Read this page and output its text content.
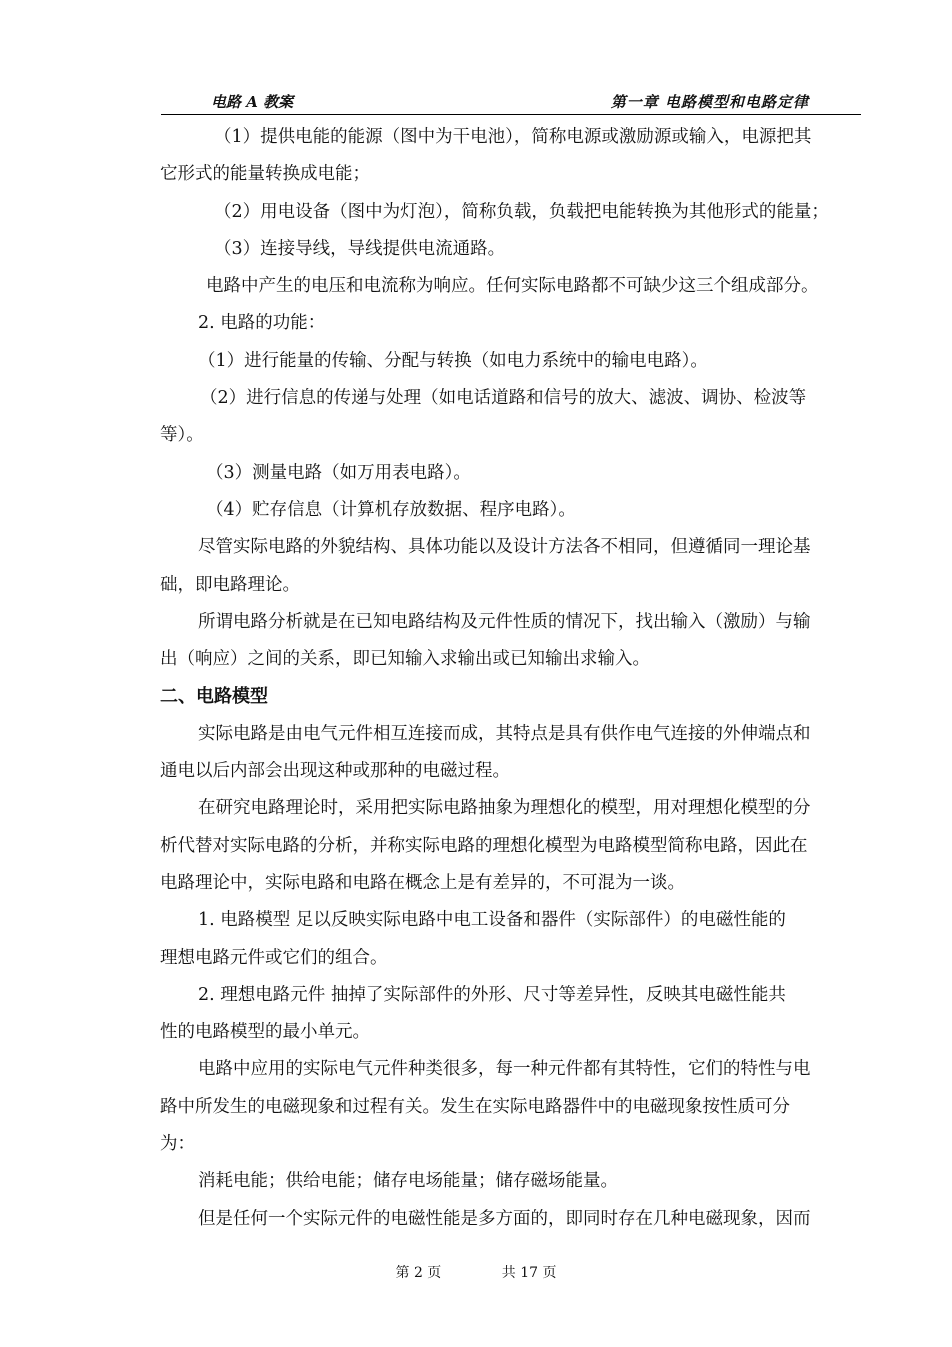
电路 A 教案	第一章 电路模型和电路定律
（1）提供电能的能源（图中为干电池），简称电源或激励源或输入，电源把其
它形式的能量转换成电能；
（2）用电设备（图中为灯泡），简称负载，负载把电能转换为其他形式的能量；
（3）连接导线，导线提供电流通路。
电路中产生的电压和电流称为响应。任何实际电路都不可缺少这三个组成部分。
2. 电路的功能：
（1）进行能量的传输、分配与转换（如电力系统中的输电电路）。
（2）进行信息的传递与处理（如电话道路和信号的放大、滤波、调协、检波等
等）。
（3）测量电路（如万用表电路）。
（4）贮存信息（计算机存放数据、程序电路）。
尽管实际电路的外貌结构、具体功能以及设计方法各不相同，但遵循同一理论基
础，即电路理论。
所谓电路分析就是在已知电路结构及元件性质的情况下，找出输入（激励）与输
出（响应）之间的关系，即已知输入求输出或已知输出求输入。
二、电路模型
实际电路是由电气元件相互连接而成，其特点是具有供作电气连接的外伸端点和
通电以后内部会出现这种或那种的电磁过程。
在研究电路理论时，采用把实际电路抽象为理想化的模型，用对理想化模型的分
析代替对实际电路的分析，并称实际电路的理想化模型为电路模型简称电路，因此在
电路理论中，实际电路和电路在概念上是有差异的，不可混为一谈。
1. 电路模型 足以反映实际电路中电工设备和器件（实际部件）的电磁性能的
理想电路元件或它们的组合。
2. 理想电路元件 抽掉了实际部件的外形、尺寸等差异性，反映其电磁性能共
性的电路模型的最小单元。
电路中应用的实际电气元件种类很多，每一种元件都有其特性，它们的特性与电
路中所发生的电磁现象和过程有关。发生在实际电路器件中的电磁现象按性质可分
为：
消耗电能；供给电能；储存电场能量；储存磁场能量。
但是任何一个实际元件的电磁性能是多方面的，即同时存在几种电磁现象，因而
第 2 页	共 17 页
